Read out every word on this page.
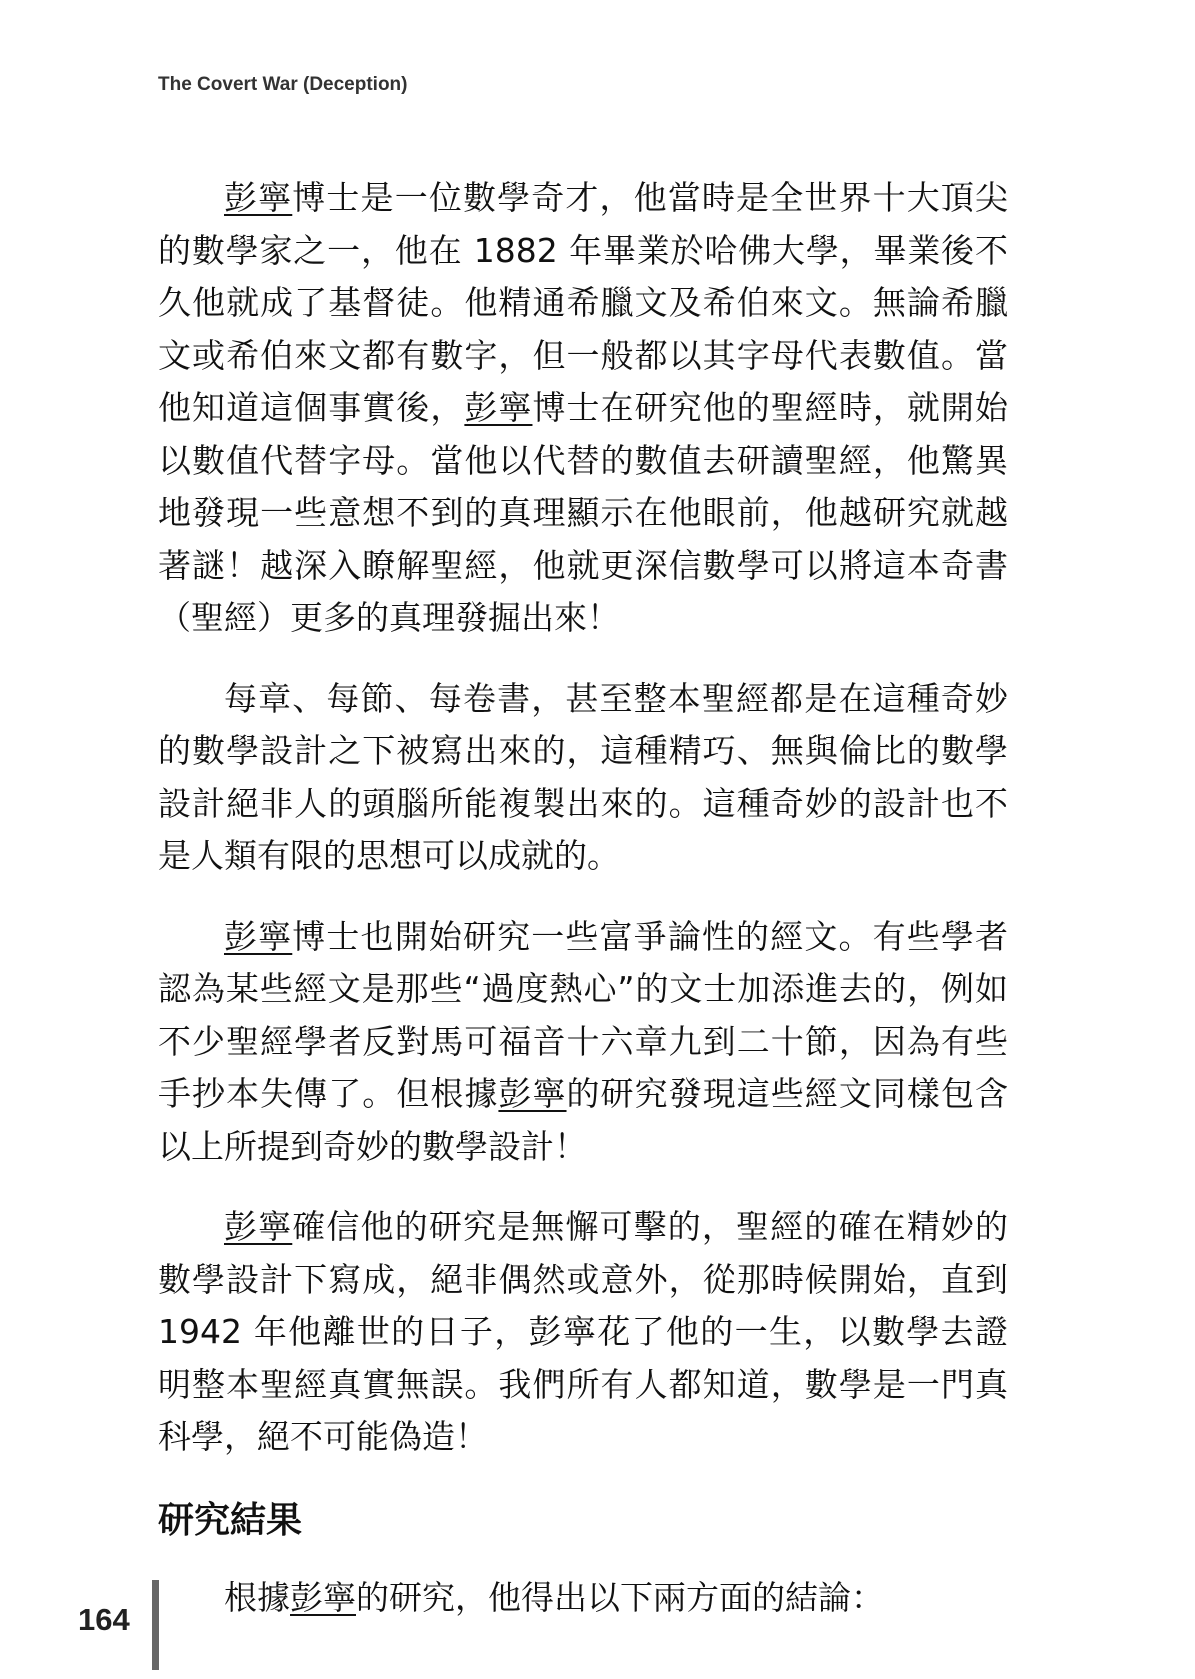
The Covert War (Deception)

彭寧博士是一位數學奇才，他當時是全世界十大頂尖的數學家之一，他在 1882 年畢業於哈佛大學，畢業後不久他就成了基督徒。他精通希臘文及希伯來文。無論希臘文或希伯來文都有數字，但一般都以其字母代表數值。當他知道這個事實後，彭寧博士在研究他的聖經時，就開始以數值代替字母。當他以代替的數值去研讀聖經，他驚異地發現一些意想不到的真理顯示在他眼前，他越研究就越著謎！越深入瞭解聖經，他就更深信數學可以將這本奇書（聖經）更多的真理發掘出來！

每章、每節、每卷書，甚至整本聖經都是在這種奇妙的數學設計之下被寫出來的，這種精巧、無與倫比的數學設計絕非人的頭腦所能複製出來的。這種奇妙的設計也不是人類有限的思想可以成就的。

彭寧博士也開始研究一些富爭論性的經文。有些學者認為某些經文是那些“過度熱心”的文士加添進去的，例如不少聖經學者反對馬可福音十六章九到二十節，因為有些手抄本失傳了。但根據彭寧的研究發現這些經文同樣包含以上所提到奇妙的數學設計！

彭寧確信他的研究是無懈可擊的，聖經的確在精妙的數學設計下寫成，絕非偶然或意外，從那時候開始，直到 1942 年他離世的日子，彭寧花了他的一生，以數學去證明整本聖經真實無誤。我們所有人都知道，數學是一門真科學，絕不可能偽造！

研究結果

根據彭寧的研究，他得出以下兩方面的結論：

164
